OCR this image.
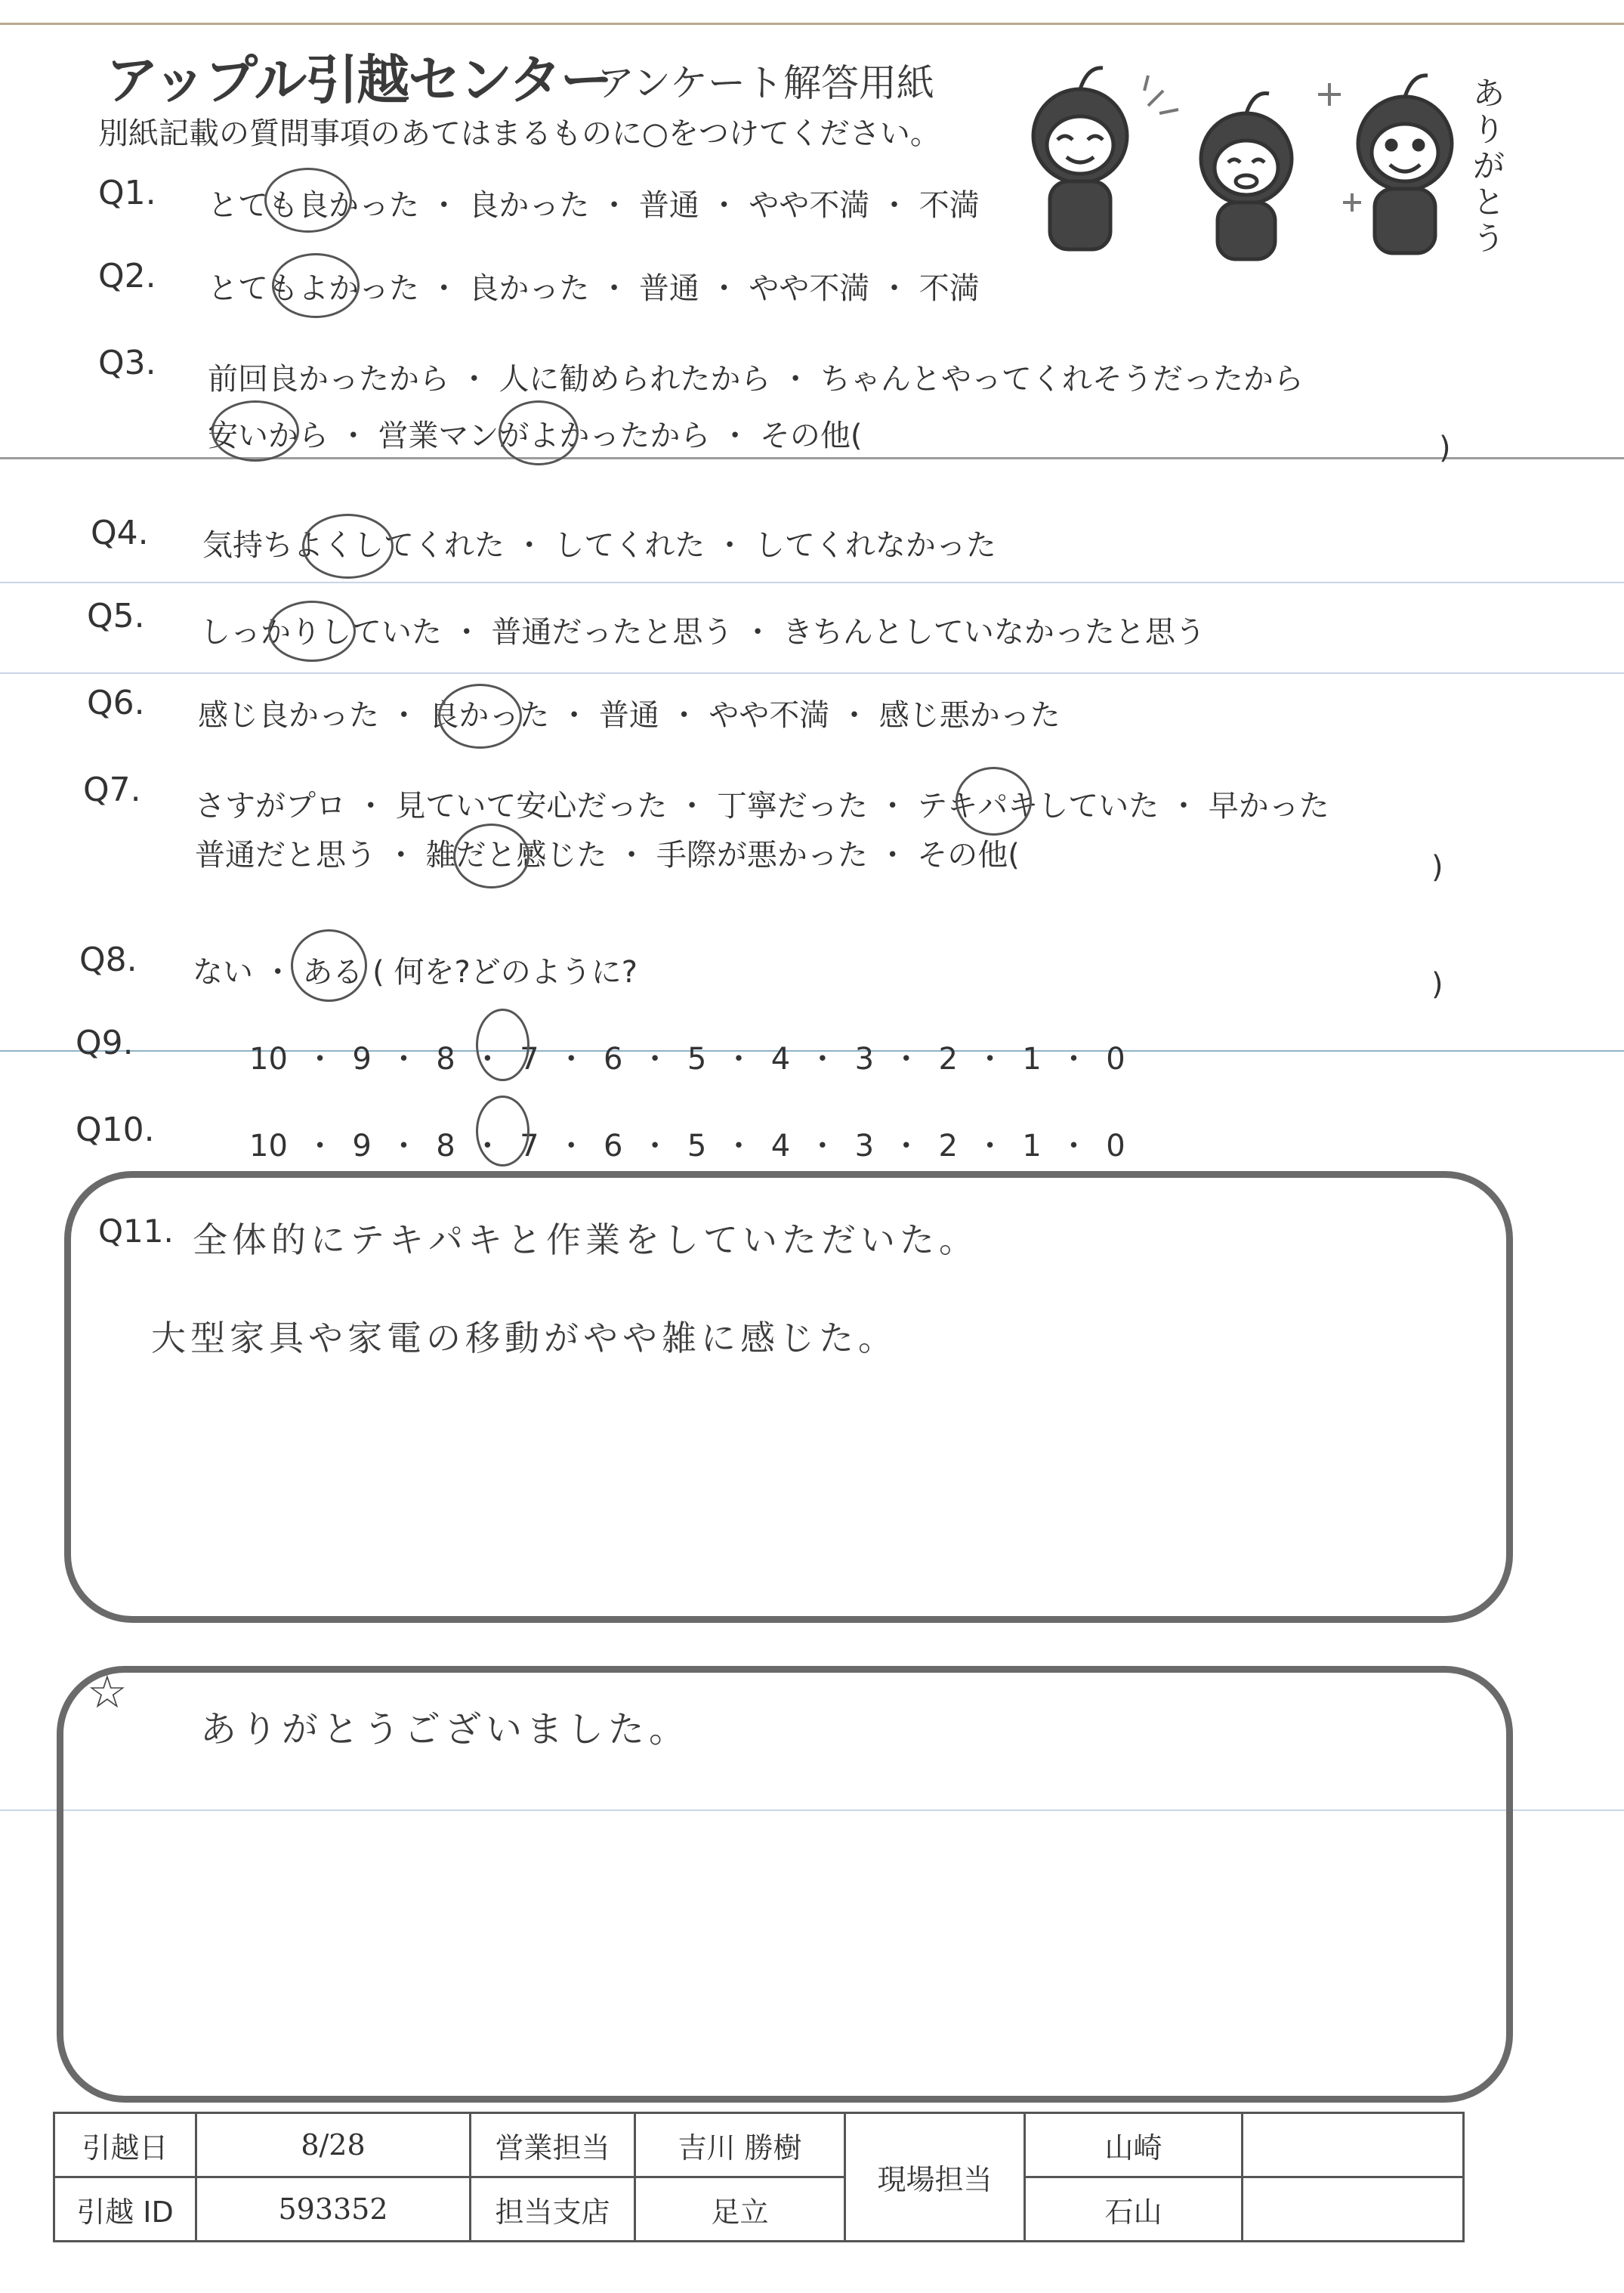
アップル引越センター
アンケート解答用紙
別紙記載の質問事項のあてはまるものに○をつけてください。
ありがとう
Q1. とても良かった ・ 良かった ・ 普通 ・ やや不満 ・ 不満
Q2. とてもよかった ・ 良かった ・ 普通 ・ やや不満 ・ 不満
Q3. 前回良かったから ・ 人に勧められたから ・ ちゃんとやってくれそうだったから
安いから ・ 営業マンがよかったから ・ その他(	)
Q4. 気持ちよくしてくれた ・ してくれた ・ してくれなかった
Q5. しっかりしていた ・ 普通だったと思う ・ きちんとしていなかったと思う
Q6. 感じ良かった ・ 良かった ・ 普通 ・ やや不満 ・ 感じ悪かった
Q7. さすがプロ ・ 見ていて安心だった ・ 丁寧だった ・ テキパキしていた ・ 早かった
普通だと思う ・ 雑だと感じた ・ 手際が悪かった ・ その他(	)
Q8. ない ・ ある ( 何を?どのように?	)
Q9.	10 ・ 9 ・ 8 ・ 7 ・ 6 ・ 5 ・ 4 ・ 3 ・ 2 ・ 1 ・ 0
Q10.	10 ・ 9 ・ 8 ・ 7 ・ 6 ・ 5 ・ 4 ・ 3 ・ 2 ・ 1 ・ 0
Q11. 全体的にテキパキと作業をしていただいた。
大型家具や家電の移動がやや雑に感じた。
☆
ありがとうございました。
引越日	8/28	営業担当	吉川 勝樹	現場担当	山崎	
引越 ID	593352	担当支店	足立		石山	
